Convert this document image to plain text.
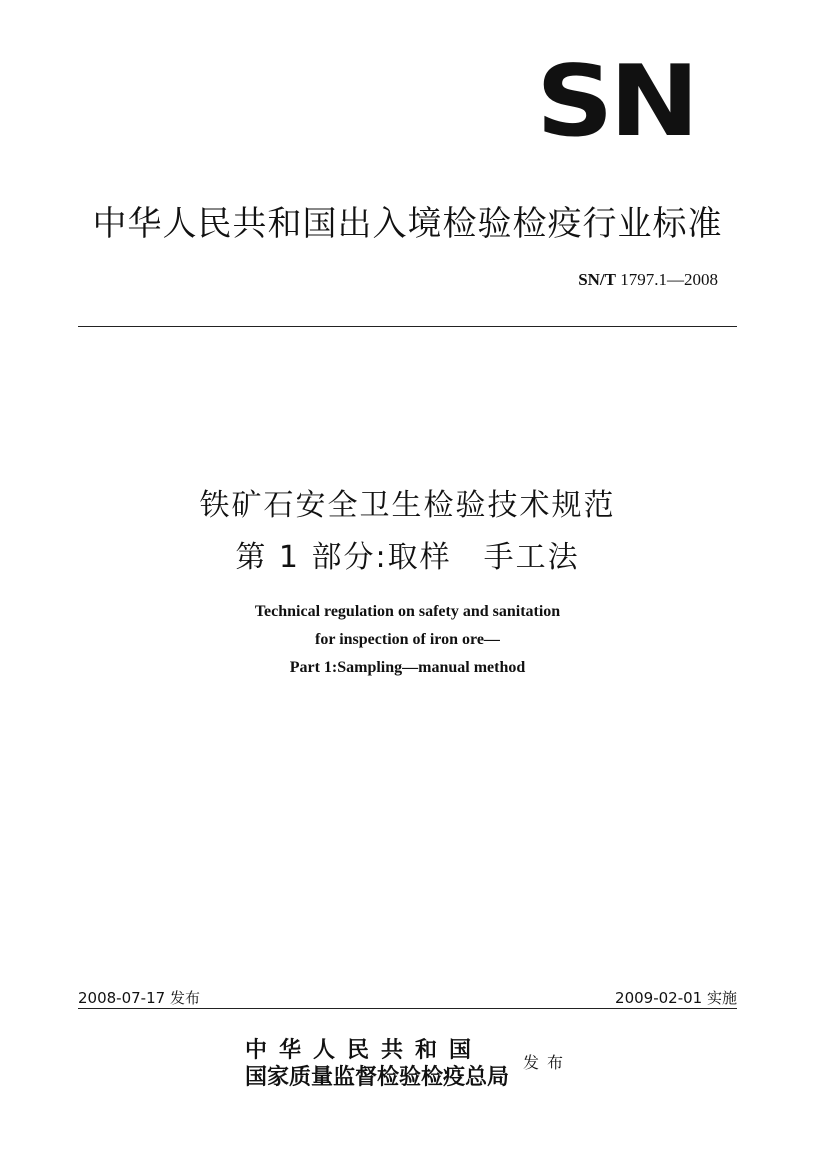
SN
中华人民共和国出入境检验检疫行业标准
SN/T 1797.1—2008
铁矿石安全卫生检验技术规范
第 1 部分:取样　手工法
Technical regulation on safety and sanitation
for inspection of iron ore—
Part 1:Sampling—manual method
2008-07-17 发布	2009-02-01 实施
中华人民共和国
国家质量监督检验检疫总局
发布
